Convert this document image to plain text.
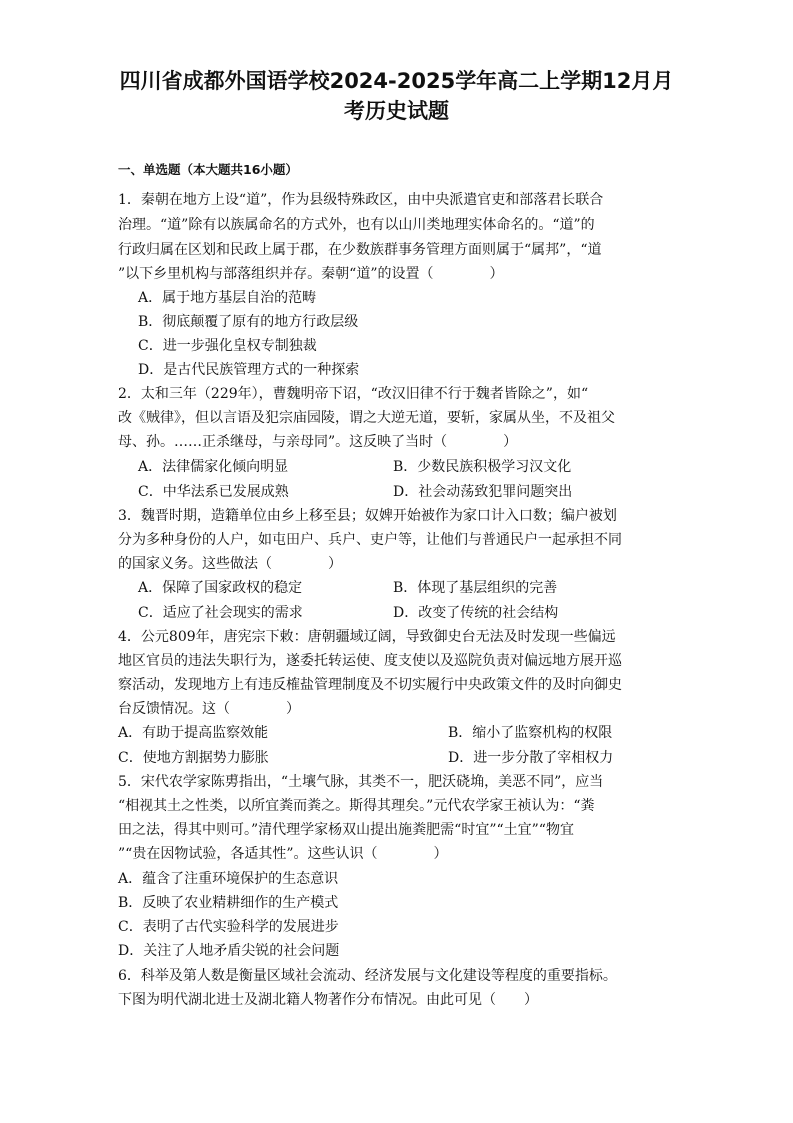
四川省成都外国语学校2024-2025学年高二上学期12月月
考历史试题
一、单选题（本大题共16小题）
1．秦朝在地方上设“道”，作为县级特殊政区，由中央派遣官吏和部落君长联合
治理。“道”除有以族属命名的方式外，也有以山川类地理实体命名的。“道”的
行政归属在区划和民政上属于郡，在少数族群事务管理方面则属于“属邦”，“道
”以下乡里机构与部落组织并存。秦朝“道”的设置（　　　　）
A．属于地方基层自治的范畴
B．彻底颠覆了原有的地方行政层级
C．进一步强化皇权专制独裁
D．是古代民族管理方式的一种探索
2．太和三年（229年），曹魏明帝下诏，“改汉旧律不行于魏者皆除之”，如“
改《贼律》，但以言语及犯宗庙园陵，谓之大逆无道，要斩，家属从坐，不及祖父
母、孙。……正杀继母，与亲母同”。这反映了当时（　　　　）
A．法律儒家化倾向明显	B．少数民族积极学习汉文化
C．中华法系已发展成熟	D．社会动荡致犯罪问题突出
3．魏晋时期，造籍单位由乡上移至县；奴婢开始被作为家口计入口数；编户被划
分为多种身份的人户，如屯田户、兵户、吏户等，让他们与普通民户一起承担不同
的国家义务。这些做法（　　　　）
A．保障了国家政权的稳定	B．体现了基层组织的完善
C．适应了社会现实的需求	D．改变了传统的社会结构
4．公元809年，唐宪宗下敕：唐朝疆域辽阔，导致御史台无法及时发现一些偏远
地区官员的违法失职行为，遂委托转运使、度支使以及巡院负责对偏远地方展开巡
察活动，发现地方上有违反榷盐管理制度及不切实履行中央政策文件的及时向御史
台反馈情况。这（　　　　）
A．有助于提高监察效能	B．缩小了监察机构的权限
C．使地方割据势力膨胀	D．进一步分散了宰相权力
5．宋代农学家陈旉指出，“土壤气脉，其类不一，肥沃硗埆，美恶不同”，应当
“相视其土之性类，以所宜粪而粪之。斯得其理矣。”元代农学家王祯认为：“粪
田之法，得其中则可。”清代理学家杨双山提出施粪肥需“时宜”“土宜”“物宜
”“贵在因物试验，各适其性”。这些认识（　　　　）
A．蕴含了注重环境保护的生态意识
B．反映了农业精耕细作的生产模式
C．表明了古代实验科学的发展进步
D．关注了人地矛盾尖锐的社会问题
6．科举及第人数是衡量区域社会流动、经济发展与文化建设等程度的重要指标。
下图为明代湖北进士及湖北籍人物著作分布情况。由此可见（　　）
